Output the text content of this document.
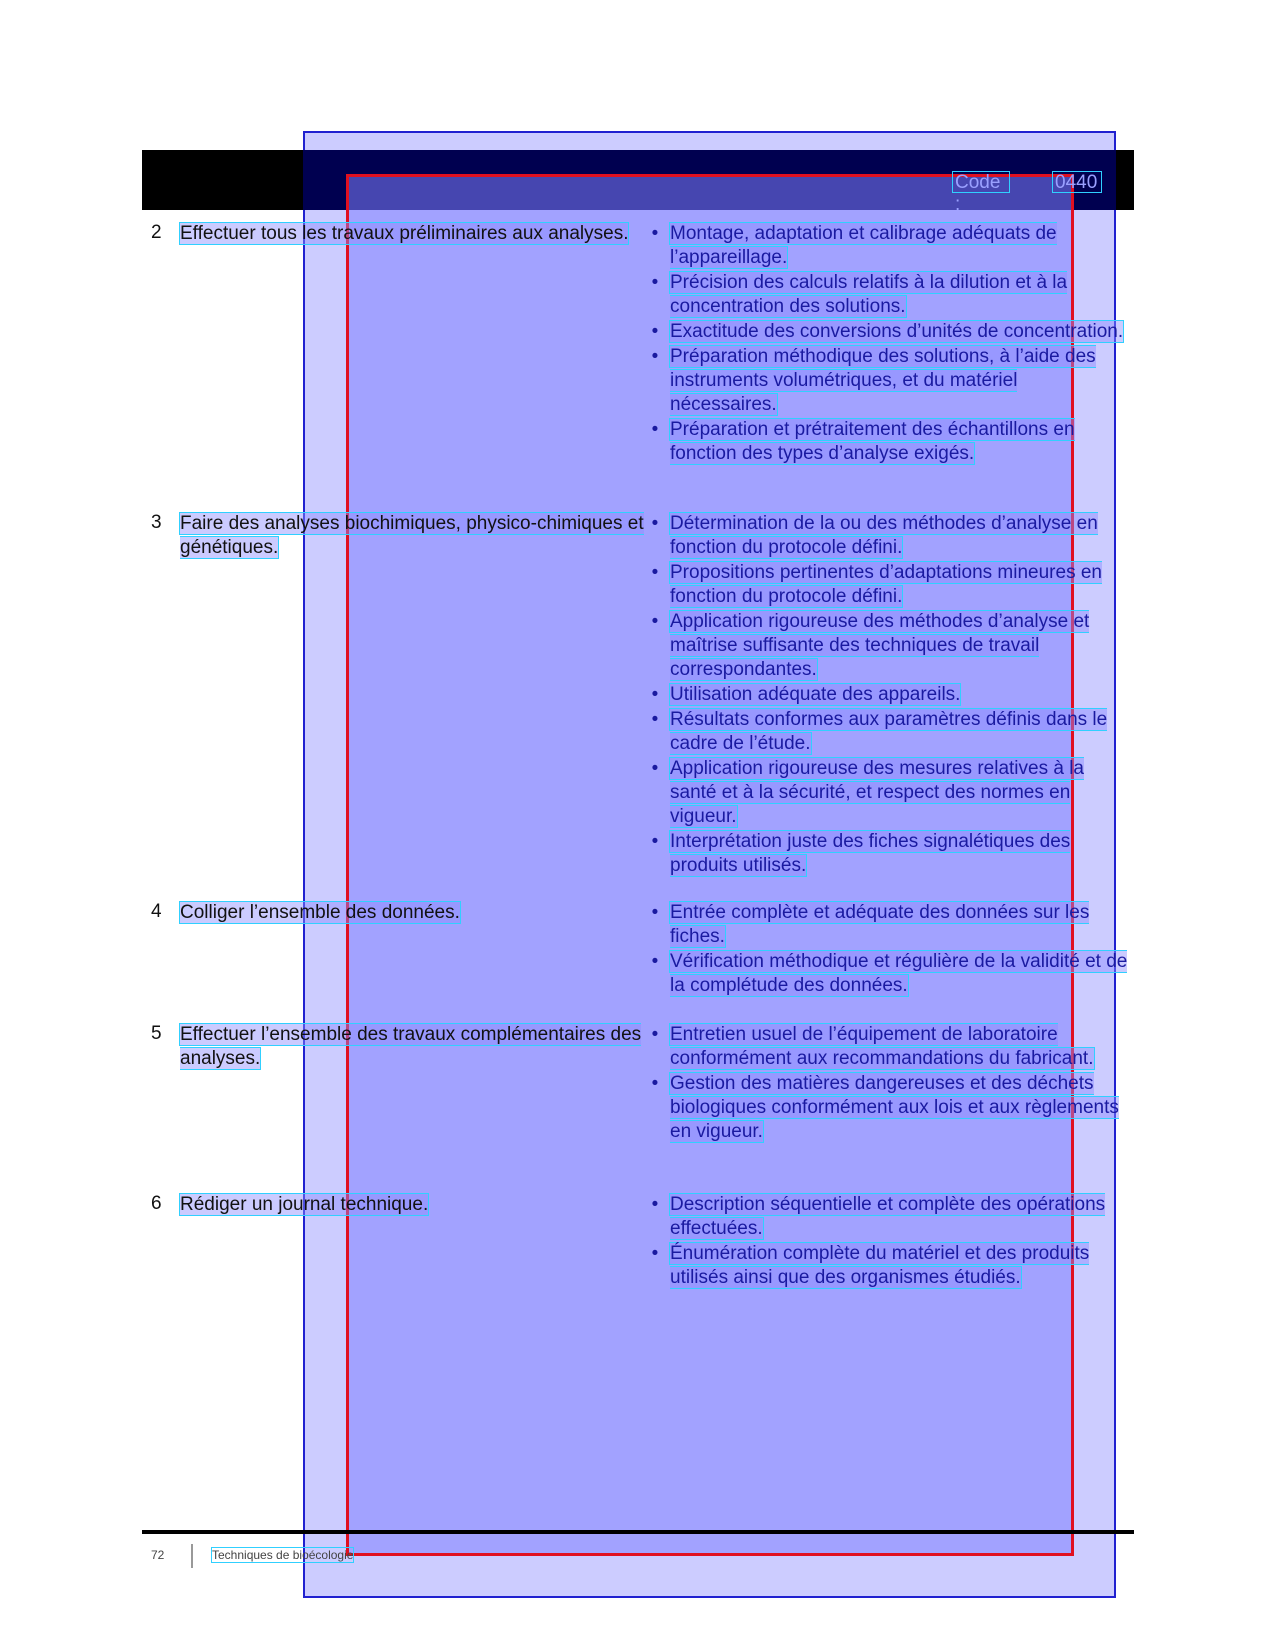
Code :
0440
2 Effectuer tous les travaux préliminaires aux analyses.	• Montage, adaptation et calibrage adéquats de l’appareillage.
• Précision des calculs relatifs à la dilution et à la concentration des solutions.
• Exactitude des conversions d’unités de concentration.
• Préparation méthodique des solutions, à l’aide des instruments volumétriques, et du matériel nécessaires.
• Préparation et prétraitement des échantillons en fonction des types d’analyse exigés.
3 Faire des analyses biochimiques, physico-chimiques et génétiques.
• Détermination de la ou des méthodes d’analyse en fonction du protocole défini.
• Propositions pertinentes d’adaptations mineures en fonction du protocole défini.
• Application rigoureuse des méthodes d’analyse et maîtrise suffisante des techniques de travail correspondantes.
• Utilisation adéquate des appareils.
• Résultats conformes aux paramètres définis dans le cadre de l’étude.
• Application rigoureuse des mesures relatives à la santé et à la sécurité, et respect des normes en vigueur.
• Interprétation juste des fiches signalétiques des produits utilisés.
4 Colliger l’ensemble des données.	• Entrée complète et adéquate des données sur les fiches.
• Vérification méthodique et régulière de la validité et de la complétude des données.
5 Effectuer l’ensemble des travaux complémentaires des analyses.
• Entretien usuel de l’équipement de laboratoire conformément aux recommandations du fabricant.
• Gestion des matières dangereuses et des déchets biologiques conformément aux lois et aux règlements en vigueur.
6 Rédiger un journal technique.	• Description séquentielle et complète des opérations effectuées.
• Énumération complète du matériel et des produits utilisés ainsi que des organismes étudiés.
72	Techniques de bioécologie
